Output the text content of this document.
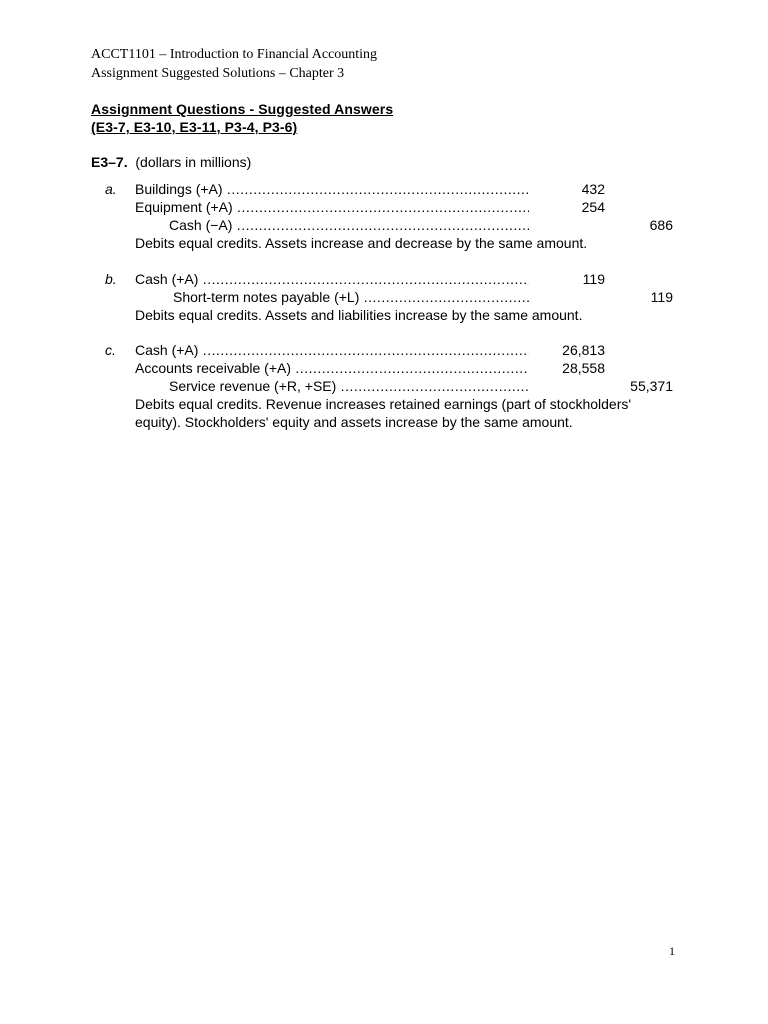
ACCT1101 – Introduction to Financial Accounting
Assignment Suggested Solutions – Chapter 3
Assignment Questions - Suggested Answers
(E3-7, E3-10, E3-11, P3-4, P3-6)
E3–7. (dollars in millions)
a. Buildings (+A) .....	432
Equipment (+A) .....	254
Cash (−A) .....	686
Debits equal credits. Assets increase and decrease by the same amount.
b. Cash (+A) .....	119
Short-term notes payable (+L) .....	119
Debits equal credits. Assets and liabilities increase by the same amount.
c. Cash (+A) .....	26,813
Accounts receivable (+A) .....	28,558
Service revenue (+R, +SE) .....	55,371
Debits equal credits. Revenue increases retained earnings (part of stockholders' equity). Stockholders' equity and assets increase by the same amount.
1
